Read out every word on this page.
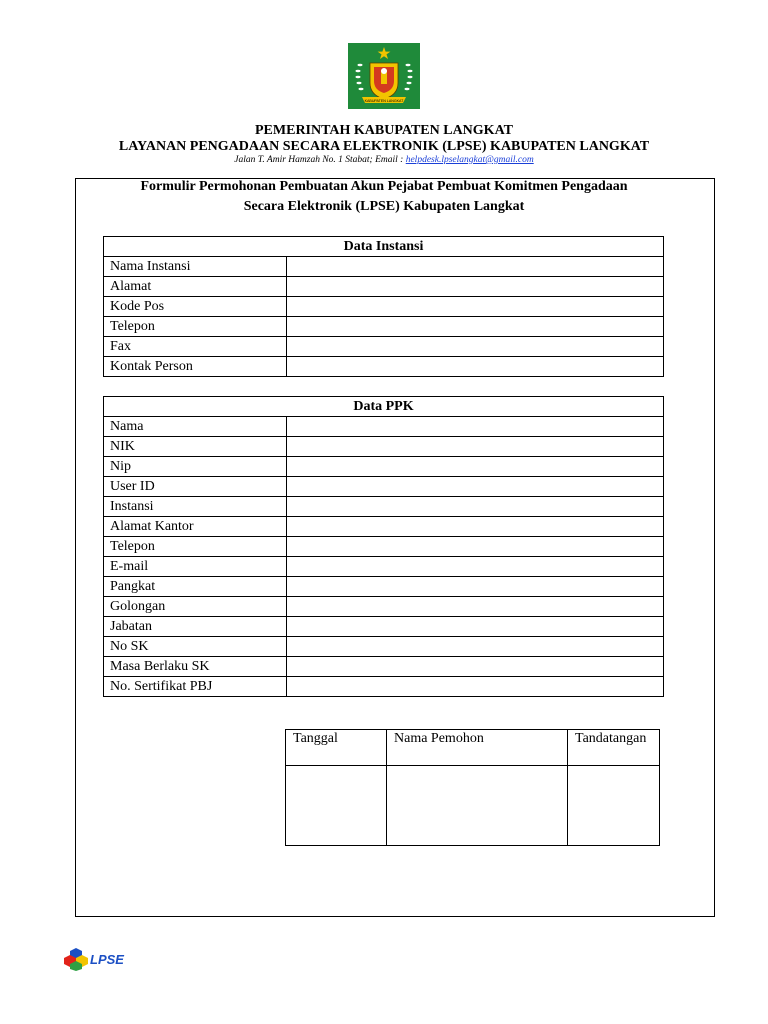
KABUPATEN LANGKAT
PEMERINTAH KABUPATEN LANGKAT
LAYANAN PENGADAAN SECARA ELEKTRONIK (LPSE) KABUPATEN LANGKAT
Jalan T. Amir Hamzah No. 1 Stabat; Email : helpdesk.lpselangkat@gmail.com
Formulir Permohonan Pembuatan Akun Pejabat Pembuat Komitmen Pengadaan
Secara Elektronik (LPSE) Kabupaten Langkat
Data Instansi	
Nama Instansi	
Alamat	
Kode Pos	
Telepon	
Fax	
Kontak Person	
Data PPK	
Nama	
NIK	
Nip	
User ID	
Instansi	
Alamat Kantor	
Telepon	
E-mail	
Pangkat	
Golongan	
Jabatan	
No SK	
Masa Berlaku SK	
No. Sertifikat PBJ	
Tanggal	Nama Pemohon	Tandatangan

LPSE
